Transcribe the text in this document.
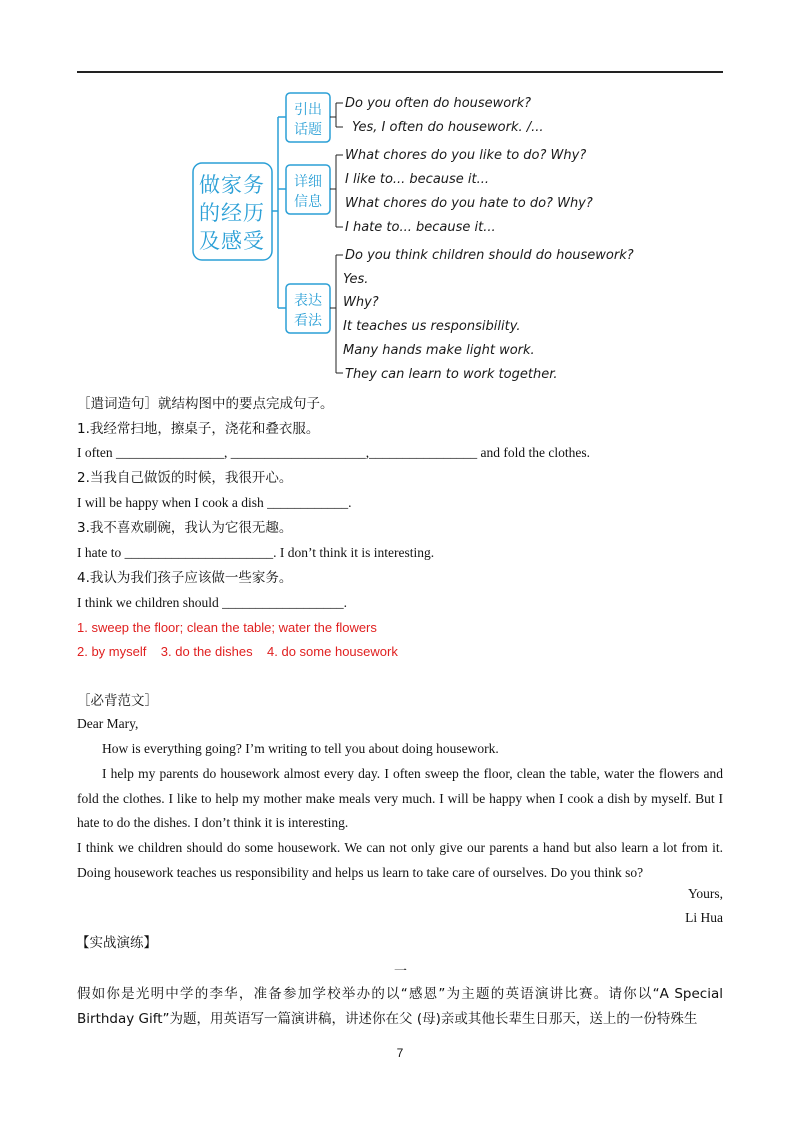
做家务
的经历
及感受
引出
话题
详细
信息
表达
看法
Do you often do housework?
Yes, I often do housework. /...
What chores do you like to do? Why?
I like to... because it...
What chores do you hate to do? Why?
I hate to... because it...
Do you think children should do housework?
Yes.
Why?
It teaches us responsibility.
Many hands make light work.
They can learn to work together.
［遣词造句］就结构图中的要点完成句子。
1.我经常扫地，擦桌子，浇花和叠衣服。
I often ________________, ____________________,________________ and fold the clothes.
2.当我自己做饭的时候，我很开心。
I will be happy when I cook a dish ____________.
3.我不喜欢刷碗，我认为它很无趣。
I hate to ______________________. I don’t think it is interesting.
4.我认为我们孩子应该做一些家务。
I think we children should __________________.
1. sweep the floor; clean the table; water the flowers
2. by myself    3. do the dishes    4. do some housework
［必背范文］
Dear Mary,

How is everything going? I’m writing to tell you about doing housework.

I help my parents do housework almost every day. I often sweep the floor, clean the table, water the flowers and fold the clothes. I like to help my mother make meals very much. I will be happy when I cook a dish by myself. But I hate to do the dishes. I don’t think it is interesting.

I think we children should do some housework. We can not only give our parents a hand but also learn a lot from it. Doing housework teaches us responsibility and helps us learn to take care of ourselves. Do you think so?

Yours,
Li Hua
【实战演练】
一

假如你是光明中学的李华，准备参加学校举办的以“感恩”为主题的英语演讲比赛。请你以“A Special Birthday Gift”为题，用英语写一篇演讲稿，讲述你在父 (母)亲或其他长辈生日那天，送上的一份特殊生

7
